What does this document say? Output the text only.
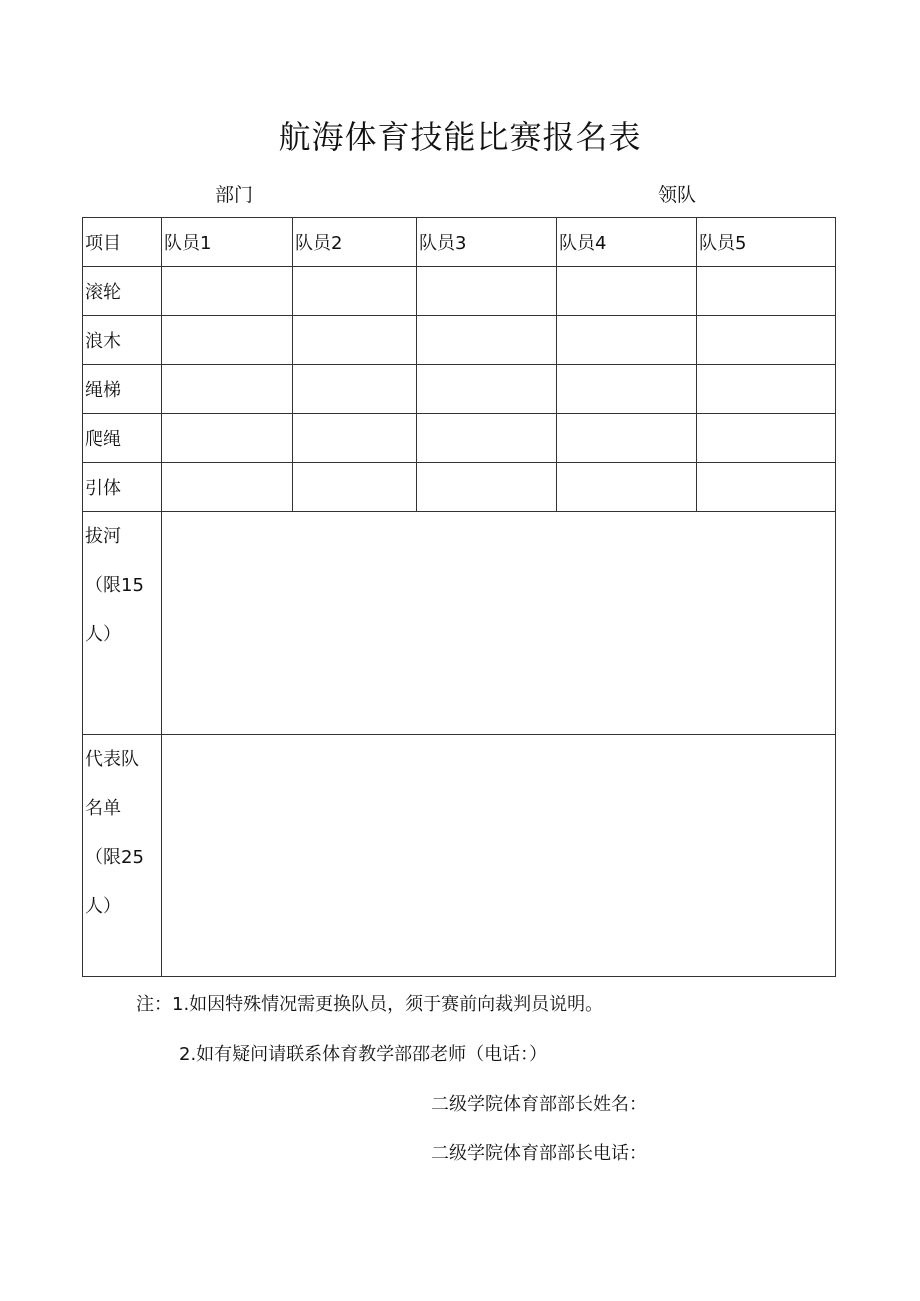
航海体育技能比赛报名表
部门	领队
项目	队员1	队员2	队员3	队员4	队员5
滚轮					
浪木					
绳梯					
爬绳					
引体					

拔河（限15人）					

代表队名单（限25人）					

注：1.如因特殊情况需更换队员，须于赛前向裁判员说明。
2.如有疑问请联系体育教学部邵老师（电话：）
二级学院体育部部长姓名：
二级学院体育部部长电话：
